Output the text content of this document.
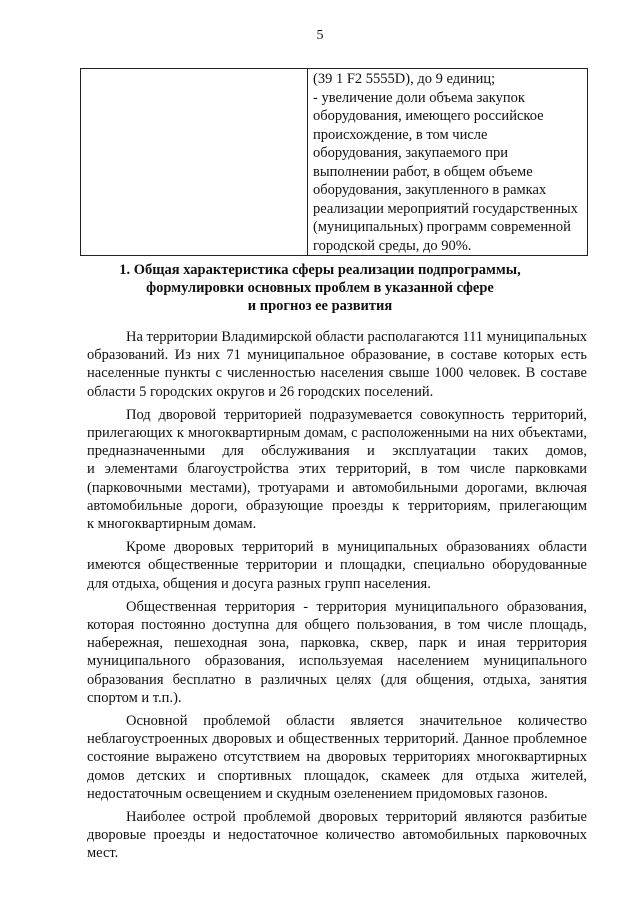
5

(39 1 F2 5555D), до 9 единиц;
- увеличение доли объема закупок
оборудования, имеющего российское
происхождение, в том числе
оборудования, закупаемого при
выполнении работ, в общем объеме
оборудования, закупленного в рамках
реализации мероприятий государственных
(муниципальных) программ современной
городской среды, до 90%.
1. Общая характеристика сферы реализации подпрограммы,
формулировки основных проблем в указанной сфере
и прогноз ее развития
На территории Владимирской области располагаются 111 муниципальных
образований. Из них 71 муниципальное образование, в составе которых есть
населенные пункты с численностью населения свыше 1000 человек. В составе
области 5 городских округов и 26 городских поселений.
Под дворовой территорией подразумевается совокупность территорий,
прилегающих к многоквартирным домам, с расположенными на них объектами,
предназначенными для обслуживания и эксплуатации таких домов,
и элементами благоустройства этих территорий, в том числе парковками
(парковочными местами), тротуарами и автомобильными дорогами, включая
автомобильные дороги, образующие проезды к территориям, прилегающим
к многоквартирным домам.
Кроме дворовых территорий в муниципальных образованиях области
имеются общественные территории и площадки, специально оборудованные
для отдыха, общения и досуга разных групп населения.
Общественная территория - территория муниципального образования,
которая постоянно доступна для общего пользования, в том числе площадь,
набережная, пешеходная зона, парковка, сквер, парк и иная территория
муниципального образования, используемая населением муниципального
образования бесплатно в различных целях (для общения, отдыха, занятия
спортом и т.п.).
Основной проблемой области является значительное количество
неблагоустроенных дворовых и общественных территорий. Данное проблемное
состояние выражено отсутствием на дворовых территориях многоквартирных
домов детских и спортивных площадок, скамеек для отдыха жителей,
недостаточным освещением и скудным озеленением придомовых газонов.
Наиболее острой проблемой дворовых территорий являются разбитые
дворовые проезды и недостаточное количество автомобильных парковочных
мест.
